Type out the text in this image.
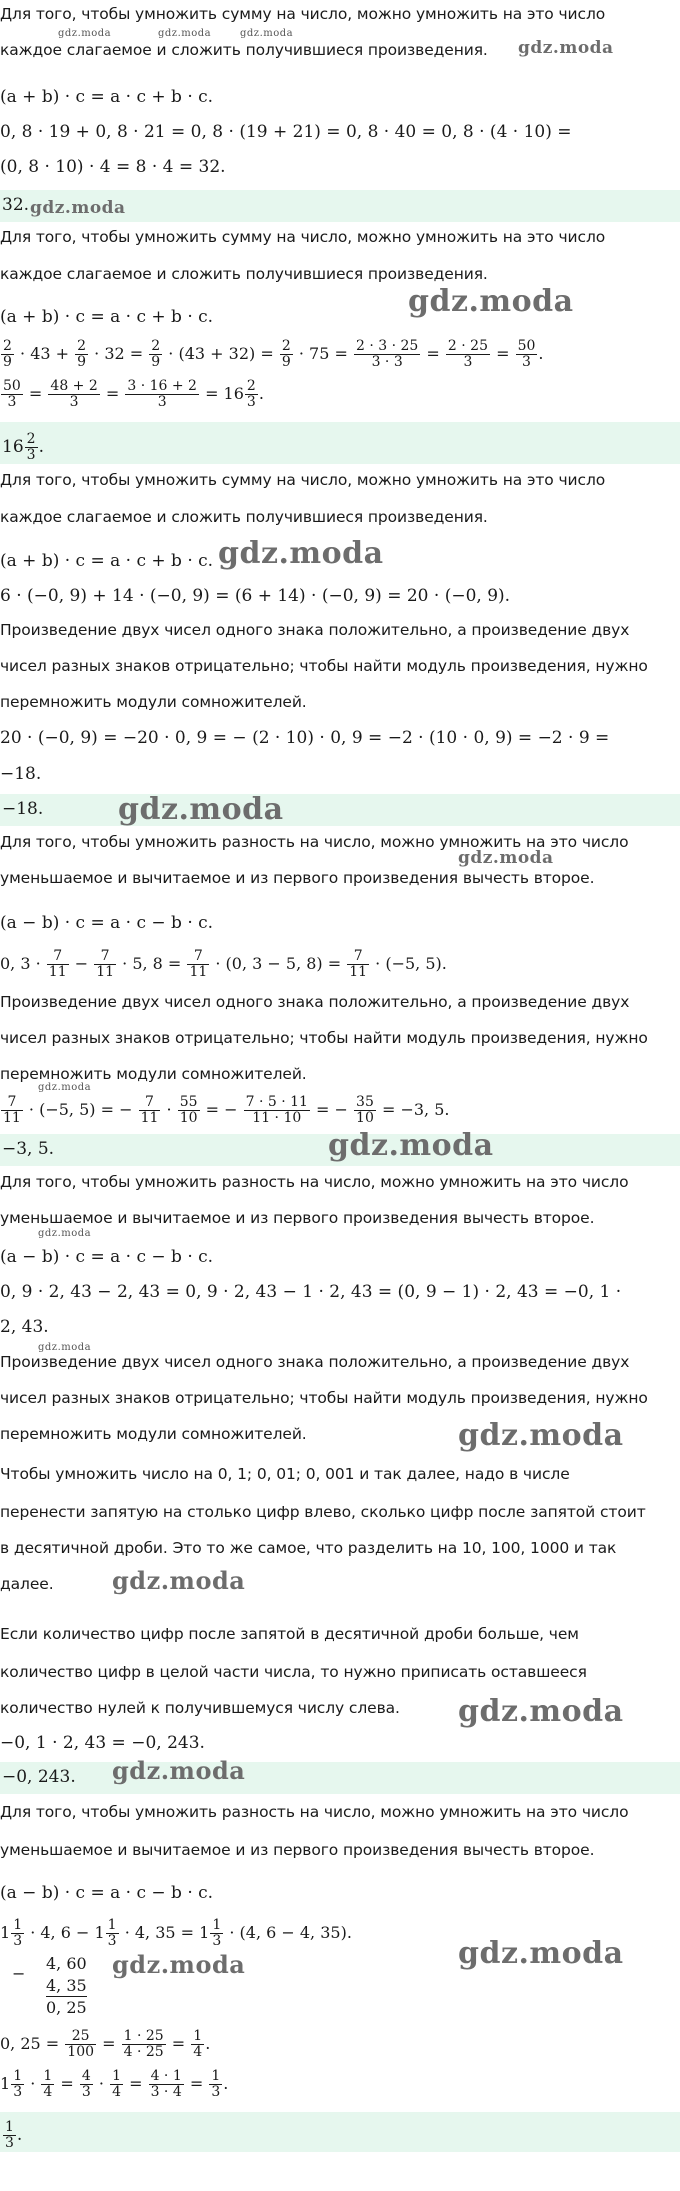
Для того, чтобы умножить сумму на число, можно умножить на это число
каждое слагаемое и сложить получившиеся произведения.	gdz.moda
gdz.moda	gdz.moda	gdz.moda
(a + b) · c = a · c + b · c.
0, 8 · 19 + 0, 8 · 21 = 0, 8 · (19 + 21) = 0, 8 · 40 = 0, 8 · (4 · 10) =
(0, 8 · 10) · 4 = 8 · 4 = 32.
32. gdz.moda
Для того, чтобы умножить сумму на число, можно умножить на это число
каждое слагаемое и сложить получившиеся произведения.
(a + b) · c = a · c + b · c.	gdz.moda
$\frac{2}{9} \cdot 43 + \frac{2}{9} \cdot 32 = \frac{2}{9} \cdot (43 + 32) = \frac{2}{9} \cdot 75 = \frac{2 \cdot 3 \cdot 25}{3 \cdot 3} = \frac{2 \cdot 25}{3} = \frac{50}{3}$ .
$\frac{50}{3} = \frac{48 + 2}{3} = \frac{3 \cdot 16 + 2}{3} = 16 \frac{2}{3}$ .
$16 \frac{2}{3}$ .
Для того, чтобы умножить сумму на число, можно умножить на это число
каждое слагаемое и сложить получившиеся произведения.
(a + b) · c = a · c + b · c. gdz.moda
6 · (−0, 9) + 14 · (−0, 9) = (6 + 14) · (−0, 9) = 20 · (−0, 9).
Произведение двух чисел одного знака положительно, а произведение двух
чисел разных знаков отрицательно; чтобы найти модуль произведения, нужно
перемножить модули сомножителей.
20 · (−0, 9) = −20 · 0, 9 = − (2 · 10) · 0, 9 = −2 · (10 · 0, 9) = −2 · 9 =
−18.
−18. gdz.moda
Для того, чтобы умножить разность на число, можно умножить на это число
gdz.moda
уменьшаемое и вычитаемое и из первого произведения вычесть второе.
(a − b) · c = a · c − b · c.
0, $3 \cdot \frac{7}{11} - \frac{7}{11} \cdot 5$, $8 = \frac{7}{11} \cdot (0$, 3 − 5, $8) = \frac{7}{11} \cdot (-5$, 5).
Произведение двух чисел одного знака положительно, а произведение двух
чисел разных знаков отрицательно; чтобы найти модуль произведения, нужно
перемножить модули сомножителей.
gdz.moda
$\frac{7}{11} \cdot (-5$, 5) = − $\frac{7}{11} \cdot \frac{55}{10}$ = − $\frac{7 \cdot 5 \cdot 11}{11 \cdot 10}$ = − $\frac{35}{10} = -3$, 5.
−3, 5.	gdz.moda
Для того, чтобы умножить разность на число, можно умножить на это число
уменьшаемое и вычитаемое и из первого произведения вычесть второе.
gdz.moda
(a − b) · c = a · c − b · c.
0, 9 · 2, 43 − 2, 43 = 0, 9 · 2, 43 − 1 · 2, 43 = (0, 9 − 1) · 2, 43 = −0, 1 ·
2, 43.
gdz.moda
Произведение двух чисел одного знака положительно, а произведение двух
чисел разных знаков отрицательно; чтобы найти модуль произведения, нужно
перемножить модули сомножителей.	gdz.moda
Чтобы умножить число на 0, 1; 0, 01; 0, 001 и так далее, надо в числе
перенести запятую на столько цифр влево, сколько цифр после запятой стоит
в десятичной дроби. Это то же самое, что разделить на 10, 100, 1000 и так
далее.	gdz.moda
Если количество цифр после запятой в десятичной дроби больше, чем
количество цифр в целой части числа, то нужно приписать оставшееся
количество нулей к получившемуся числу слева.	gdz.moda
−0, 1 · 2, 43 = −0, 243.
−0, 243. gdz.moda
Для того, чтобы умножить разность на число, можно умножить на это число
уменьшаемое и вычитаемое и из первого произведения вычесть второе.
(a − b) · c = a · c − b · c.
$1 \frac{1}{3} \cdot 4$, $6 - 1 \frac{1}{3} \cdot 4$, $35 = 1 \frac{1}{3} \cdot (4$, 6 − 4, 35).
gdz.moda
−
4, 60 gdz.moda
4, 35
0, 25
0, $25 = \frac{25}{100} = \frac{1 \cdot 25}{4 \cdot 25} = \frac{1}{4}$ .
$1 \frac{1}{3} \cdot \frac{1}{4} = \frac{4}{3} \cdot \frac{1}{4} = \frac{4 \cdot 1}{3 \cdot 4} = \frac{1}{3}$ .
$\frac{1}{3}$ .
